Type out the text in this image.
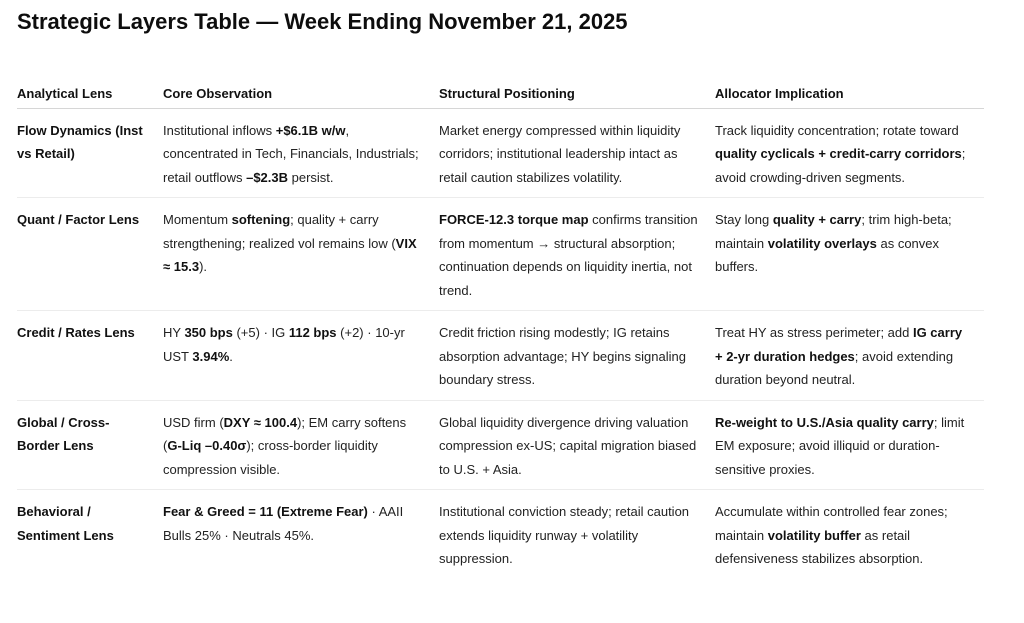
Strategic Layers Table — Week Ending November 21, 2025
Analytical Lens	Core Observation	Structural Positioning	Allocator Implication
Flow Dynamics (Inst vs Retail)	Institutional inflows +$6.1B w/w, concentrated in Tech, Financials, Industrials; retail outflows –$2.3B persist.	Market energy compressed within liquidity corridors; institutional leadership intact as retail caution stabilizes volatility.	Track liquidity concentration; rotate toward quality cyclicals + credit-carry corridors; avoid crowding-driven segments.
Quant / Factor Lens	Momentum softening; quality + carry strengthening; realized vol remains low (VIX ≈ 15.3).	FORCE-12.3 torque map confirms transition from momentum → structural absorption; continuation depends on liquidity inertia, not trend.	Stay long quality + carry; trim high-beta; maintain volatility overlays as convex buffers.
Credit / Rates Lens	HY 350 bps (+5) · IG 112 bps (+2) · 10-yr UST 3.94%.	Credit friction rising modestly; IG retains absorption advantage; HY begins signaling boundary stress.	Treat HY as stress perimeter; add IG carry + 2-yr duration hedges; avoid extending duration beyond neutral.
Global / Cross-Border Lens	USD firm (DXY ≈ 100.4); EM carry softens (G-Liq –0.40σ); cross-border liquidity compression visible.	Global liquidity divergence driving valuation compression ex-US; capital migration biased to U.S. + Asia.	Re-weight to U.S./Asia quality carry; limit EM exposure; avoid illiquid or duration-sensitive proxies.
Behavioral / Sentiment Lens	Fear & Greed = 11 (Extreme Fear) · AAII Bulls 25% · Neutrals 45%.	Institutional conviction steady; retail caution extends liquidity runway + volatility suppression.	Accumulate within controlled fear zones; maintain volatility buffer as retail defensiveness stabilizes absorption.
